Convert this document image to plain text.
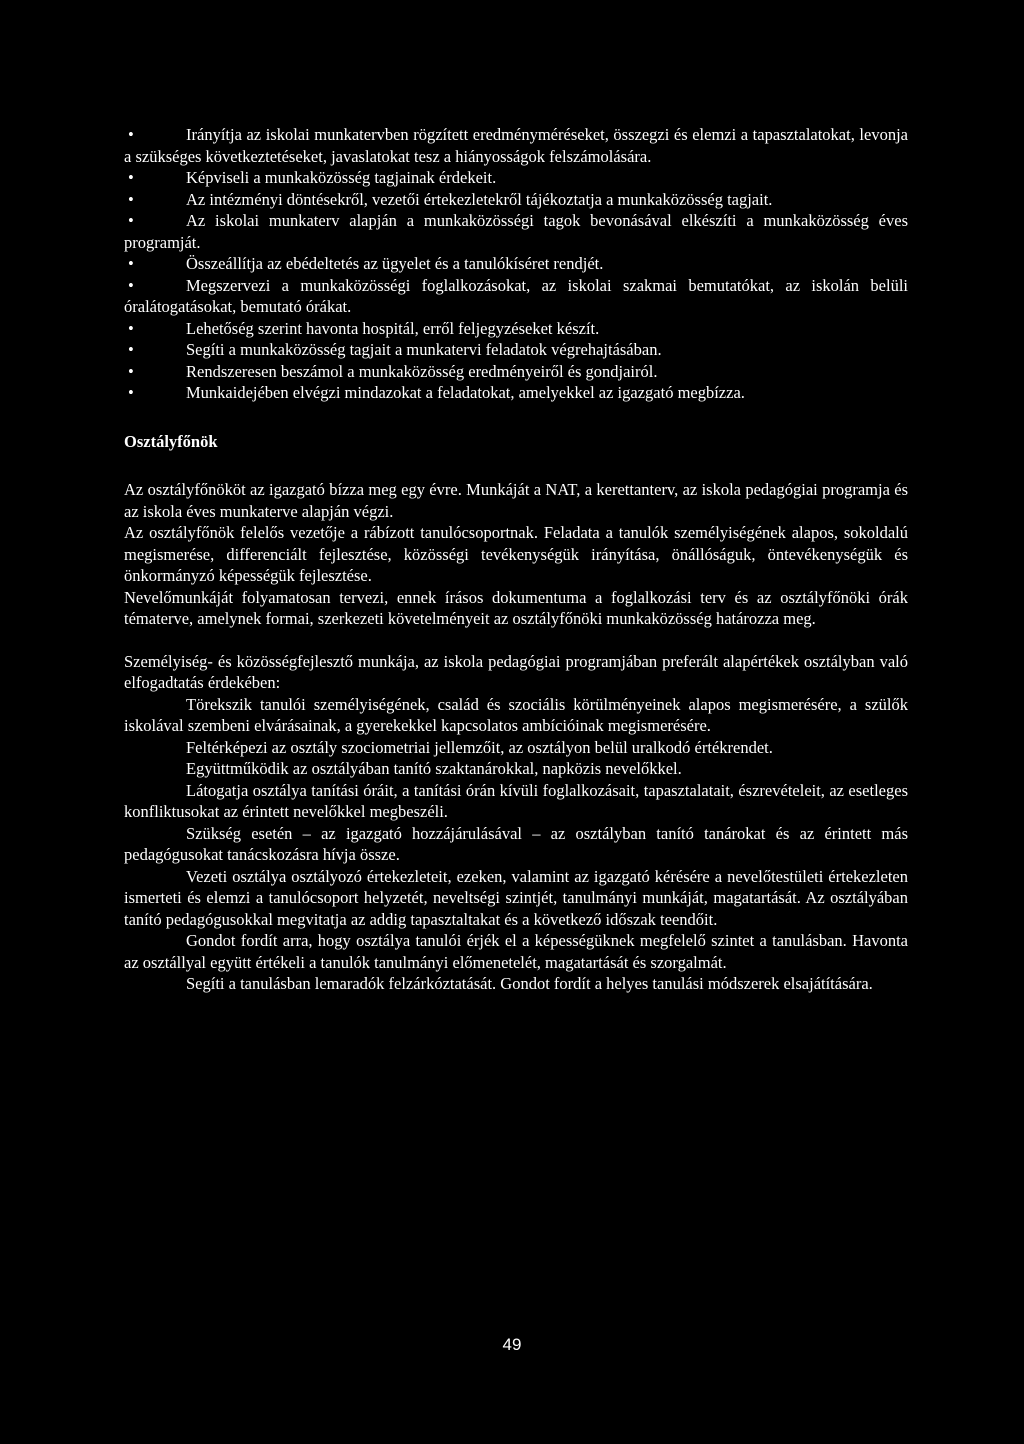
• Irányítja az iskolai munkatervben rögzített eredményméréseket, összegzi és elemzi a tapasztalatokat, levonja a szükséges következtetéseket, javaslatokat tesz a hiányosságok felszámolására.

• Képviseli a munkaközösség tagjainak érdekeit.

• Az intézményi döntésekről, vezetői értekezletekről tájékoztatja a munkaközösség tagjait.

• Az iskolai munkaterv alapján a munkaközösségi tagok bevonásával elkészíti a munkaközösség éves programját.

• Összeállítja az ebédeltetés az ügyelet és a tanulókíséret rendjét.

• Megszervezi a munkaközösségi foglalkozásokat, az iskolai szakmai bemutatókat, az iskolán belüli óralátogatásokat, bemutató órákat.

• Lehetőség szerint havonta hospitál, erről feljegyzéseket készít.

• Segíti a munkaközösség tagjait a munkatervi feladatok végrehajtásában.

• Rendszeresen beszámol a munkaközösség eredményeiről és gondjairól.

• Munkaidejében elvégzi mindazokat a feladatokat, amelyekkel az igazgató megbízza.

Osztályfőnök

Az osztályfőnököt az igazgató bízza meg egy évre. Munkáját a NAT, a kerettanterv, az iskola pedagógiai programja és az iskola éves munkaterve alapján végzi.

Az osztályfőnök felelős vezetője a rábízott tanulócsoportnak. Feladata a tanulók személyiségének alapos, sokoldalú megismerése, differenciált fejlesztése, közösségi tevékenységük irányítása, önállóságuk, öntevékenységük és önkormányzó képességük fejlesztése.

Nevelőmunkáját folyamatosan tervezi, ennek írásos dokumentuma a foglalkozási terv és az osztályfőnöki órák tématerve, amelynek formai, szerkezeti követelményeit az osztályfőnöki munkaközösség határozza meg.

Személyiség- és közösségfejlesztő munkája, az iskola pedagógiai programjában preferált alapértékek osztályban való elfogadtatás érdekében:

Törekszik tanulói személyiségének, család és szociális körülményeinek alapos megismerésére, a szülők iskolával szembeni elvárásainak, a gyerekekkel kapcsolatos ambícióinak megismerésére.

Feltérképezi az osztály szociometriai jellemzőit, az osztályon belül uralkodó értékrendet.

Együttműködik az osztályában tanító szaktanárokkal, napközis nevelőkkel.

Látogatja osztálya tanítási óráit, a tanítási órán kívüli foglalkozásait, tapasztalatait, észrevételeit, az esetleges konfliktusokat az érintett nevelőkkel megbeszéli.

Szükség esetén – az igazgató hozzájárulásával – az osztályban tanító tanárokat és az érintett más pedagógusokat tanácskozásra hívja össze.

Vezeti osztálya osztályozó értekezleteit, ezeken, valamint az igazgató kérésére a nevelőtestületi értekezleten ismerteti és elemzi a tanulócsoport helyzetét, neveltségi szintjét, tanulmányi munkáját, magatartását. Az osztályában tanító pedagógusokkal megvitatja az addig tapasztaltakat és a következő időszak teendőit.

Gondot fordít arra, hogy osztálya tanulói érjék el a képességüknek megfelelő szintet a tanulásban. Havonta az osztállyal együtt értékeli a tanulók tanulmányi előmenetelét, magatartását és szorgalmát.

Segíti a tanulásban lemaradók felzárkóztatását. Gondot fordít a helyes tanulási módszerek elsajátítására.

49
